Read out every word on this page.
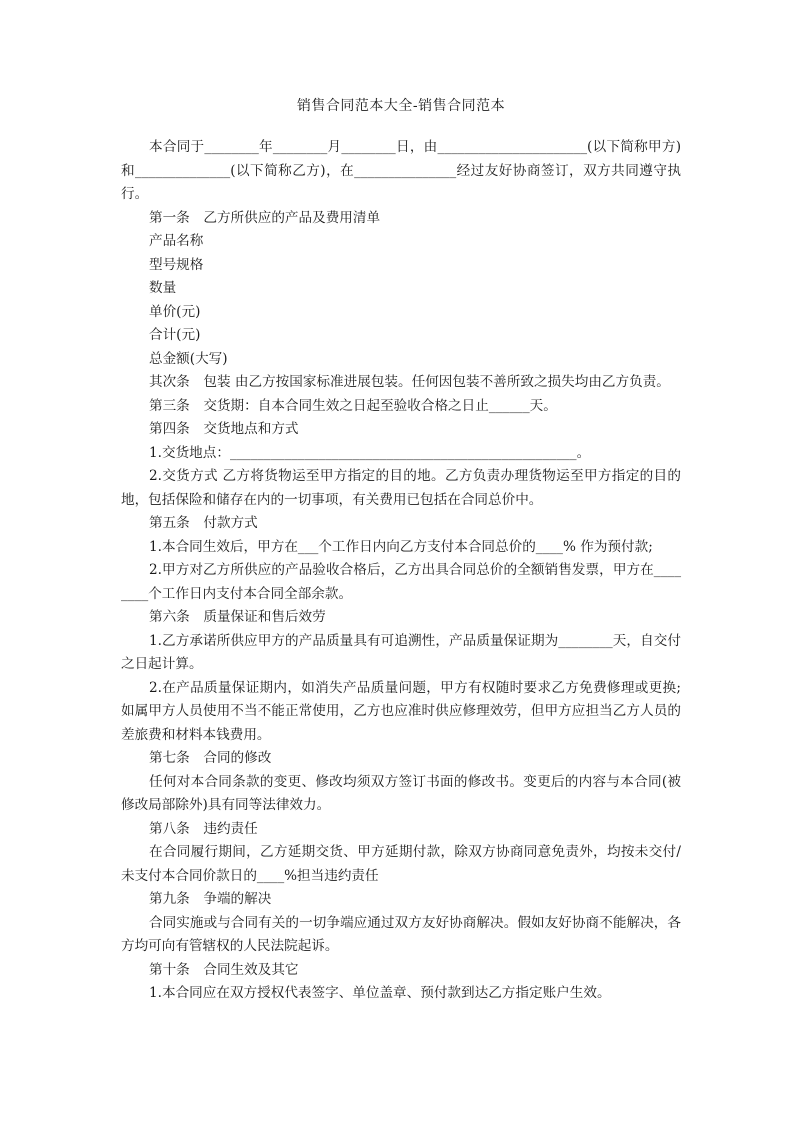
销售合同范本大全-销售合同范本

本合同于________年________月________日，由______________________(以下简称甲方)和______________(以下简称乙方)，在_______________经过友好协商签订，双方共同遵守执行。

第一条　乙方所供应的产品及费用清单

产品名称

型号规格

数量

单价(元)

合计(元)

总金额(大写)

其次条　包装 由乙方按国家标准进展包装。任何因包装不善所致之损失均由乙方负责。

第三条　交货期：自本合同生效之日起至验收合格之日止______天。

第四条　交货地点和方式

1.交货地点：___________________________________________________。

2.交货方式 乙方将货物运至甲方指定的目的地。乙方负责办理货物运至甲方指定的目的地，包括保险和储存在内的一切事项，有关费用已包括在合同总价中。

第五条　付款方式

1.本合同生效后，甲方在___个工作日内向乙方支付本合同总价的____% 作为预付款;

2.甲方对乙方所供应的产品验收合格后，乙方出具合同总价的全额销售发票，甲方在________个工作日内支付本合同全部余款。

第六条　质量保证和售后效劳

1.乙方承诺所供应甲方的产品质量具有可追溯性，产品质量保证期为________天，自交付之日起计算。

2.在产品质量保证期内，如消失产品质量问题，甲方有权随时要求乙方免费修理或更换;如属甲方人员使用不当不能正常使用，乙方也应准时供应修理效劳，但甲方应担当乙方人员的差旅费和材料本钱费用。

第七条　合同的修改

任何对本合同条款的变更、修改均须双方签订书面的修改书。变更后的内容与本合同(被修改局部除外)具有同等法律效力。

第八条　违约责任

在合同履行期间，乙方延期交货、甲方延期付款，除双方协商同意免责外，均按未交付/未支付本合同价款日的____%担当违约责任

第九条　争端的解决

合同实施或与合同有关的一切争端应通过双方友好协商解决。假如友好协商不能解决，各方均可向有管辖权的人民法院起诉。

第十条　合同生效及其它

1.本合同应在双方授权代表签字、单位盖章、预付款到达乙方指定账户生效。
